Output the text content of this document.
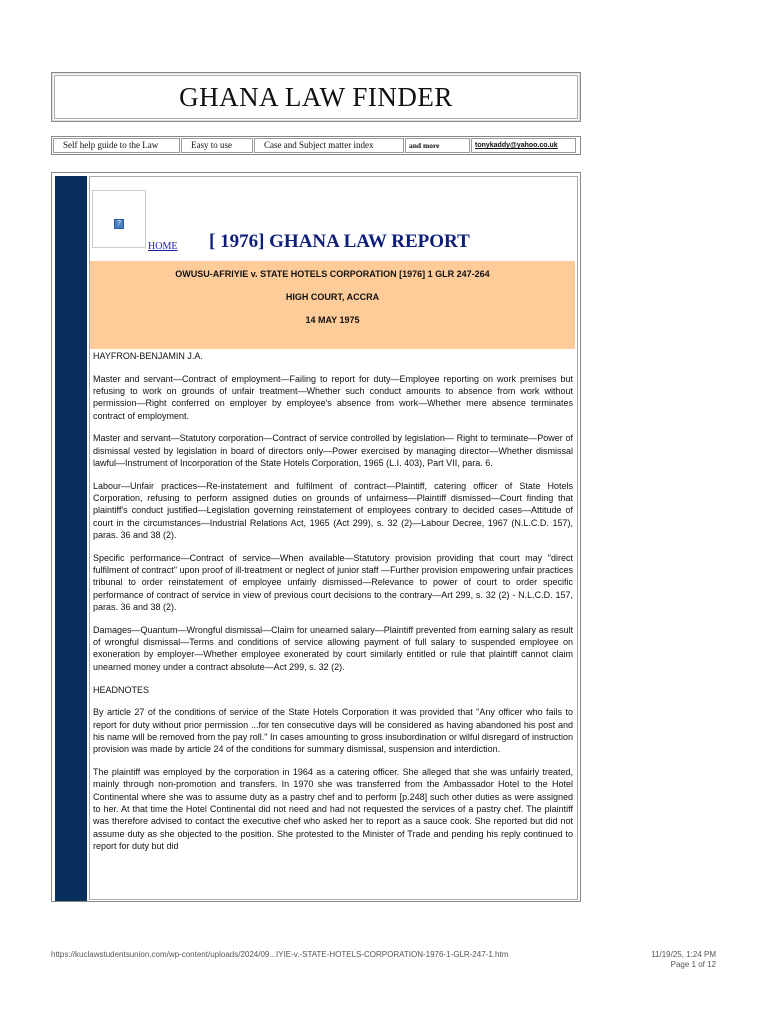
GHANA LAW FINDER
Self help guide to the Law	Easy to use	Case and Subject matter index	and more	tonykaddy@yahoo.co.uk
?
HOME [ 1976] GHANA LAW REPORT
OWUSU-AFRIYIE v. STATE HOTELS CORPORATION [1976] 1 GLR 247-264
HIGH COURT, ACCRA
14 MAY 1975

HAYFRON-BENJAMIN J.A.

Master and servant—Contract of employment—Failing to report for duty—Employee reporting on work premises but refusing to work on grounds of unfair treatment—Whether such conduct amounts to absence from work without permission—Right conferred on employer by employee's absence from work—Whether mere absence terminates contract of employment.

Master and servant—Statutory corporation—Contract of service controlled by legislation— Right to terminate—Power of dismissal vested by legislation in board of directors only—Power exercised by managing director—Whether dismissal lawful—Instrument of Incorporation of the State Hotels Corporation, 1965 (L.I. 403), Part VII, para. 6.

Labour—Unfair practices—Re-instatement and fulfilment of contract—Plaintiff, catering officer of State Hotels Corporation, refusing to perform assigned duties on grounds of unfairness—Plaintiff dismissed—Court finding that plaintiff's conduct justified—Legislation governing reinstatement of employees contrary to decided cases—Attitude of court in the circumstances—Industrial Relations Act, 1965 (Act 299), s. 32 (2)—Labour Decree, 1967 (N.L.C.D. 157), paras. 36 and 38 (2).

Specific performance—Contract of service—When available—Statutory provision providing that court may "direct fulfilment of contract" upon proof of ill-treatment or neglect of junior staff —Further provision empowering unfair practices tribunal to order reinstatement of employee unfairly dismissed—Relevance to power of court to order specific performance of contract of service in view of previous court decisions to the contrary—Art 299, s. 32 (2) - N.L.C.D. 157, paras. 36 and 38 (2).

Damages—Quantum—Wrongful dismissal—Claim for unearned salary—Plaintiff prevented from earning salary as result of wrongful dismissal—Terms and conditions of service allowing payment of full salary to suspended employee on exoneration by employer—Whether employee exonerated by court similarly entitled or rule that plaintiff cannot claim unearned money under a contract absolute—Act 299, s. 32 (2).

HEADNOTES

By article 27 of the conditions of service of the State Hotels Corporation it was provided that "Any officer who fails to report for duty without prior permission ...for ten consecutive days will be considered as having abandoned his post and his name will be removed from the pay roll." In cases amounting to gross insubordination or wilful disregard of instruction provision was made by article 24 of the conditions for summary dismissal, suspension and interdiction.

The plaintiff was employed by the corporation in 1964 as a catering officer. She alleged that she was unfairly treated, mainly through non-promotion and transfers. In 1970 she was transferred from the Ambassador Hotel to the Hotel Continental where she was to assume duty as a pastry chef and to perform [p.248] such other duties as were assigned to her. At that time the Hotel Continental did not need and had not requested the services of a pastry chef. The plaintiff was therefore advised to contact the executive chef who asked her to report as a sauce cook. She reported but did not assume duty as she objected to the position. She protested to the Minister of Trade and pending his reply continued to report for duty but did

https://kuclawstudentsunion.com/wp-content/uploads/2024/09...IYIE-v.-STATE-HOTELS-CORPORATION-1976-1-GLR-247-1.htm	11/19/25, 1:24 PM
Page 1 of 12
